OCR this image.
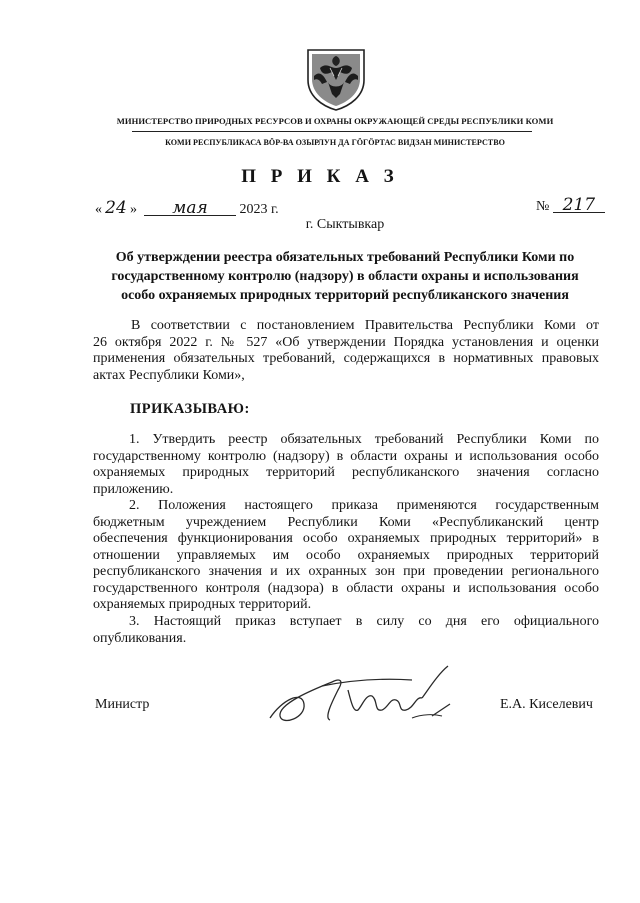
МИНИСТЕРСТВО ПРИРОДНЫХ РЕСУРСОВ И ОХРАНЫ ОКРУЖАЮЩЕЙ СРЕДЫ РЕСПУБЛИКИ КОМИ
КОМИ РЕСПУБЛИКАСА ВӦР-ВА ОЗЫРЛУН ДА ГӦГӦРТАС ВИДЗАН МИНИСТЕРСТВО
П Р И К А З
« 24 » мая 2023 г.	№ 217
г. Сыктывкар
Об утверждении реестра обязательных требований Республики Коми по
государственному контролю (надзору) в области охраны и использования
особо охраняемых природных территорий республиканского значения
В соответствии с постановлением Правительства Республики Коми от
26 октября 2022 г. № 527 «Об утверждении Порядка установления и оценки
применения обязательных требований, содержащихся в нормативных правовых
актах Республики Коми»,
ПРИКАЗЫВАЮ:
1. Утвердить реестр обязательных требований Республики Коми по
государственному контролю (надзору) в области охраны и использования особо
охраняемых природных территорий республиканского значения согласно
приложению.
2. Положения настоящего приказа применяются государственным
бюджетным учреждением Республики Коми «Республиканский центр
обеспечения функционирования особо охраняемых природных территорий» в
отношении управляемых им особо охраняемых природных территорий
республиканского значения и их охранных зон при проведении регионального
государственного контроля (надзора) в области охраны и использования особо
охраняемых природных территорий.
3. Настоящий приказ вступает в силу со дня его официального
опубликования.
Министр	Е.А. Киселевич
